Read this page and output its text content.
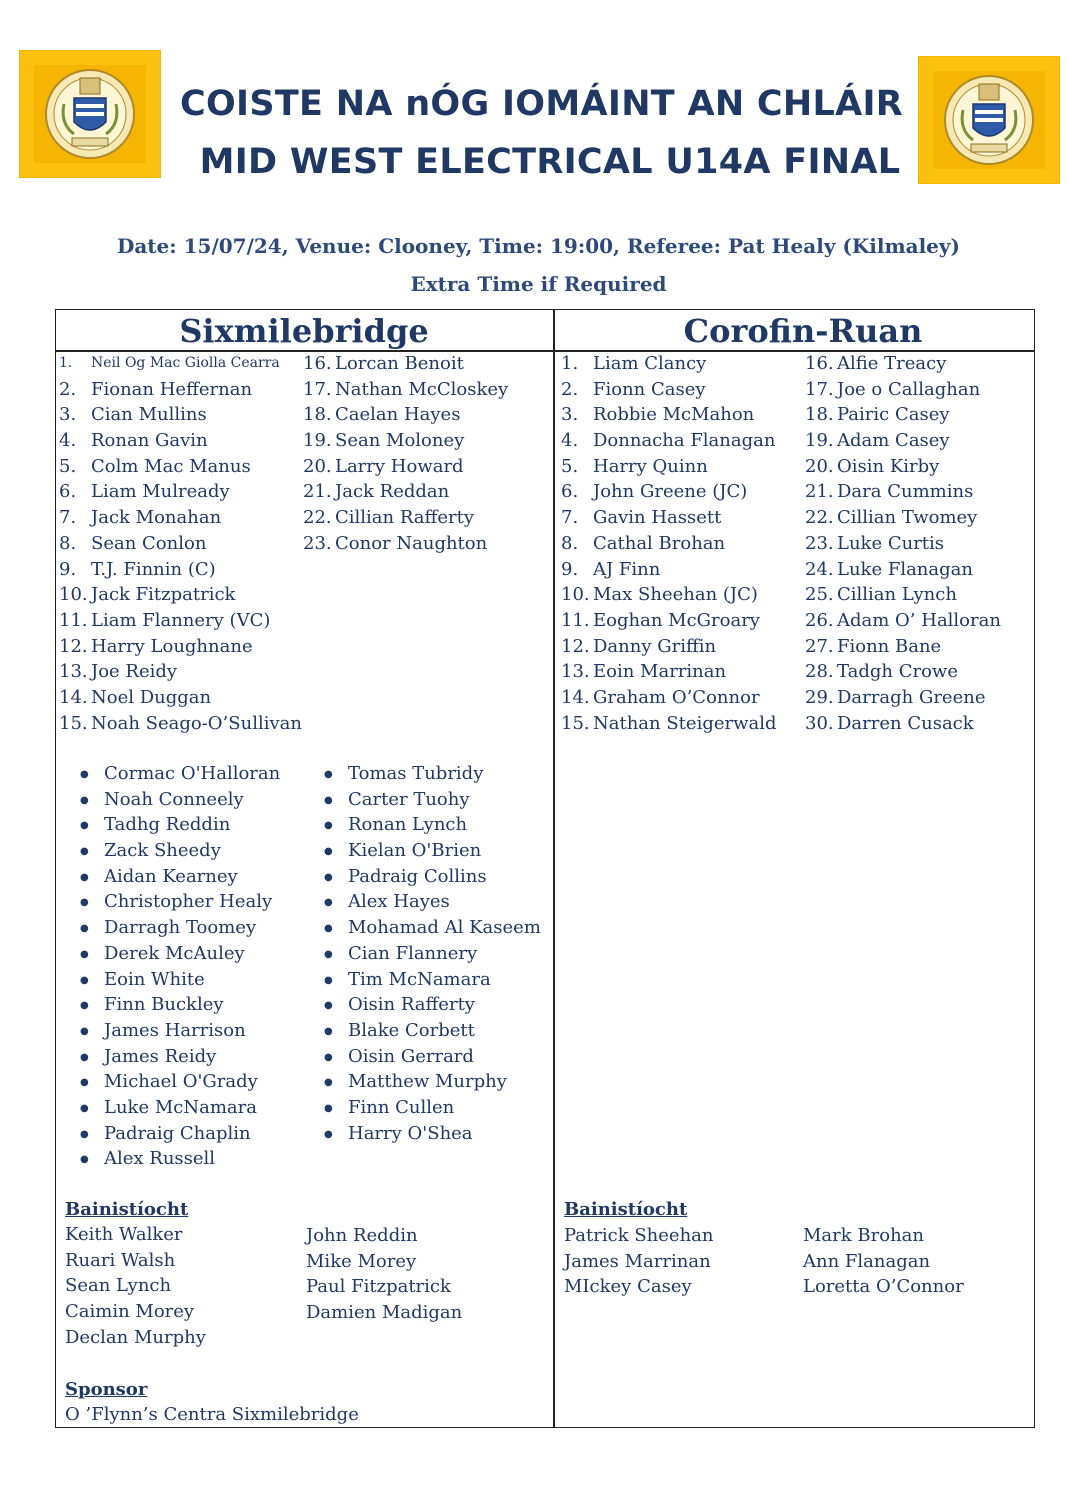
COISTE NA nÓG IOMÁINT AN CHLÁIR
MID WEST ELECTRICAL U14A FINAL
Date: 15/07/24, Venue: Clooney, Time: 19:00, Referee: Pat Healy (Kilmaley)
Extra Time if Required
Sixmilebridge	Corofin-Ruan
1. Neil Og Mac Giolla Cearra
2. Fionan Heffernan
3. Cian Mullins
4. Ronan Gavin
5. Colm Mac Manus
6. Liam Mulready
7. Jack Monahan
8. Sean Conlon
9. T.J. Finnin (C)
10. Jack Fitzpatrick
11. Liam Flannery (VC)
12. Harry Loughnane
13. Joe Reidy
14. Noel Duggan
15. Noah Seago-O’Sullivan
16. Lorcan Benoit
17. Nathan McCloskey
18. Caelan Hayes
19. Sean Moloney
20. Larry Howard
21. Jack Reddan
22. Cillian Rafferty
23. Conor Naughton
●Cormac O'Halloran
●Noah Conneely
●Tadhg Reddin
●Zack Sheedy
●Aidan Kearney
●Christopher Healy
●Darragh Toomey
●Derek McAuley
●Eoin White
●Finn Buckley
●James Harrison
●James Reidy
●Michael O'Grady
●Luke McNamara
●Padraig Chaplin
●Alex Russell
●Tomas Tubridy
●Carter Tuohy
●Ronan Lynch
●Kielan O'Brien
●Padraig Collins
●Alex Hayes
●Mohamad Al Kaseem
●Cian Flannery
●Tim McNamara
●Oisin Rafferty
●Blake Corbett
●Oisin Gerrard
●Matthew Murphy
●Finn Cullen
●Harry O'Shea
Bainistíocht
Keith Walker
Ruari Walsh
Sean Lynch
Caimin Morey
Declan Murphy
John Reddin
Mike Morey
Paul Fitzpatrick
Damien Madigan
Sponsor
O ’Flynn’s Centra Sixmilebridge
1. Liam Clancy
2. Fionn Casey
3. Robbie McMahon
4. Donnacha Flanagan
5. Harry Quinn
6. John Greene (JC)
7. Gavin Hassett
8. Cathal Brohan
9. AJ Finn
10. Max Sheehan (JC)
11. Eoghan McGroary
12. Danny Griffin
13. Eoin Marrinan
14. Graham O’Connor
15. Nathan Steigerwald
16. Alfie Treacy
17. Joe o Callaghan
18. Pairic Casey
19. Adam Casey
20. Oisin Kirby
21. Dara Cummins
22. Cillian Twomey
23. Luke Curtis
24. Luke Flanagan
25. Cillian Lynch
26. Adam O’ Halloran
27. Fionn Bane
28. Tadgh Crowe
29. Darragh Greene
30. Darren Cusack
Bainistíocht
Patrick Sheehan
James Marrinan
MIckey Casey
Mark Brohan
Ann Flanagan
Loretta O’Connor
